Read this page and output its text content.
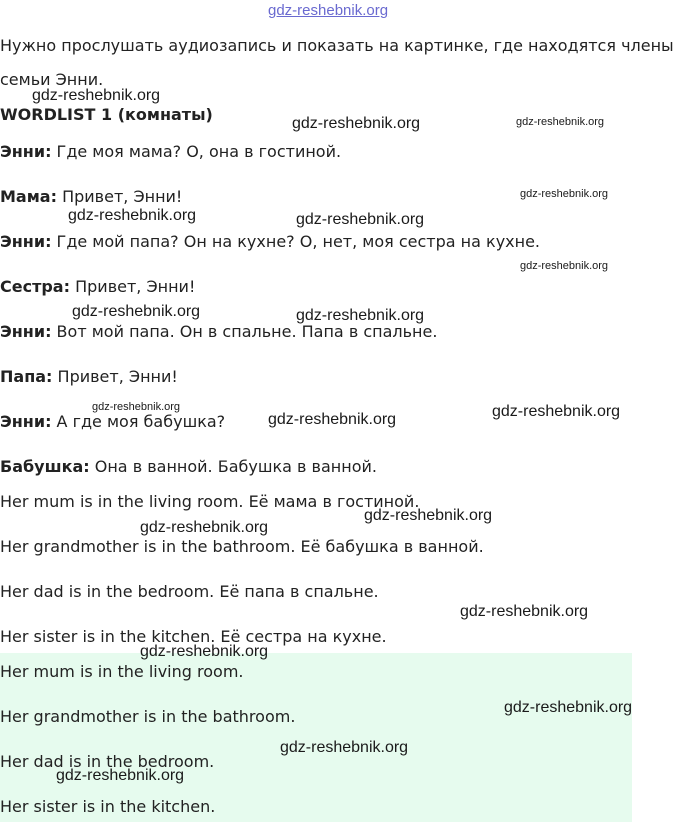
gdz-reshebnik.org
Нужно прослушать аудиозапись и показать на картинке, где находятся члены
семьи Энни.
WORDLIST 1 (комнаты)
Энни: Где моя мама? О, она в гостиной.
Мама: Привет, Энни!
Энни: Где мой папа? Он на кухне? О, нет, моя сестра на кухне.
Сестра: Привет, Энни!
Энни: Вот мой папа. Он в спальне. Папа в спальне.
Папа: Привет, Энни!
Энни: А где моя бабушка?
Бабушка: Она в ванной. Бабушка в ванной.
Her mum is in the living room. Её мама в гостиной.
Her grandmother is in the bathroom. Её бабушка в ванной.
Her dad is in the bedroom. Её папа в спальне.
Her sister is in the kitchen. Её сестра на кухне.
Her mum is in the living room.
Her grandmother is in the bathroom.
Her dad is in the bedroom.
Her sister is in the kitchen.
gdz-reshebnik.org
gdz-reshebnik.org	gdz-reshebnik.org
gdz-reshebnik.org
gdz-reshebnik.org	gdz-reshebnik.org
gdz-reshebnik.org
gdz-reshebnik.org	gdz-reshebnik.org
gdz-reshebnik.org
gdz-reshebnik.org	gdz-reshebnik.org
gdz-reshebnik.org
gdz-reshebnik.org
gdz-reshebnik.org
gdz-reshebnik.org
gdz-reshebnik.org
gdz-reshebnik.org
gdz-reshebnik.org
